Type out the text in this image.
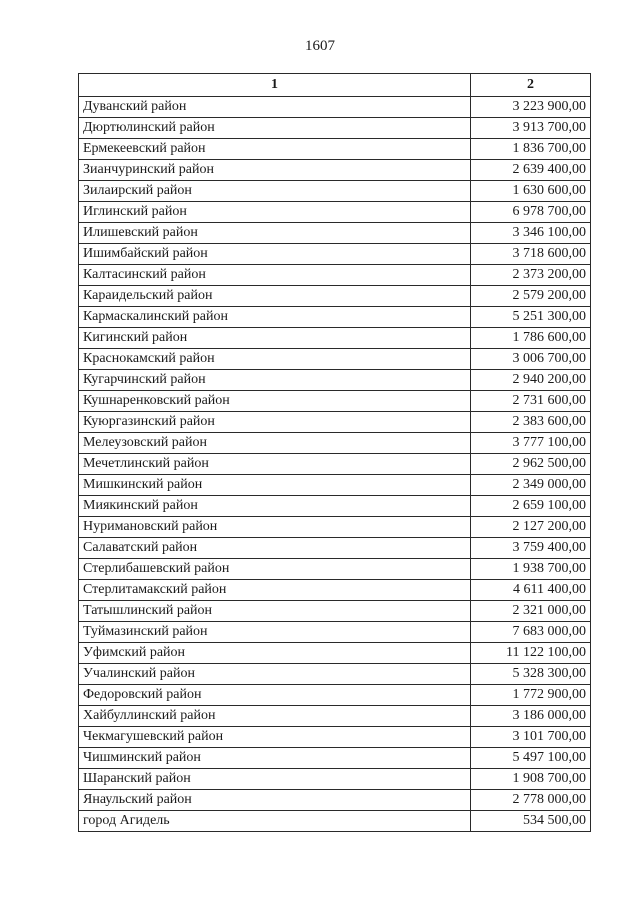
1607
1	2
Дуванский район	3 223 900,00
Дюртюлинский район	3 913 700,00
Ермекеевский район	1 836 700,00
Зианчуринский район	2 639 400,00
Зилаирский район	1 630 600,00
Иглинский район	6 978 700,00
Илишевский район	3 346 100,00
Ишимбайский район	3 718 600,00
Калтасинский район	2 373 200,00
Караидельский район	2 579 200,00
Кармаскалинский район	5 251 300,00
Кигинский район	1 786 600,00
Краснокамский район	3 006 700,00
Кугарчинский район	2 940 200,00
Кушнаренковский район	2 731 600,00
Куюргазинский район	2 383 600,00
Мелеузовский район	3 777 100,00
Мечетлинский район	2 962 500,00
Мишкинский район	2 349 000,00
Миякинский район	2 659 100,00
Нуримановский район	2 127 200,00
Салаватский район	3 759 400,00
Стерлибашевский район	1 938 700,00
Стерлитамакский район	4 611 400,00
Татышлинский район	2 321 000,00
Туймазинский район	7 683 000,00
Уфимский район	11 122 100,00
Учалинский район	5 328 300,00
Федоровский район	1 772 900,00
Хайбуллинский район	3 186 000,00
Чекмагушевский район	3 101 700,00
Чишминский район	5 497 100,00
Шаранский район	1 908 700,00
Янаульский район	2 778 000,00
город Агидель	534 500,00
